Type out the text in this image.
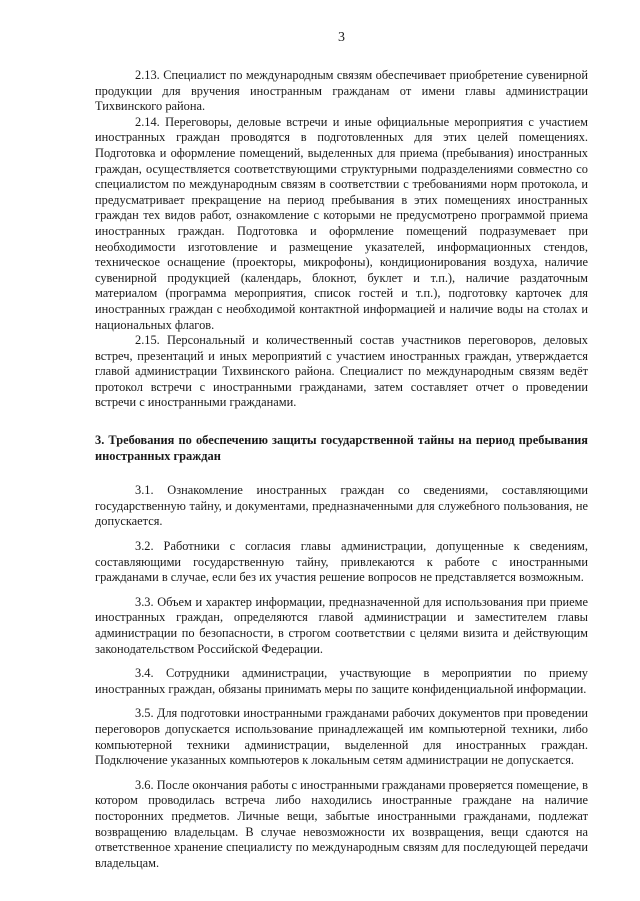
3

2.13. Специалист по международным связям обеспечивает приобретение сувенирной продукции для вручения иностранным гражданам от имени главы администрации Тихвинского района.

2.14. Переговоры, деловые встречи и иные официальные мероприятия с участием иностранных граждан проводятся в подготовленных для этих целей помещениях. Подготовка и оформление помещений, выделенных для приема (пребывания) иностранных граждан, осуществляется соответствующими структурными подразделениями совместно со специалистом по международным связям в соответствии с требованиями норм протокола, и предусматривает прекращение на период пребывания в этих помещениях иностранных граждан тех видов работ, ознакомление с которыми не предусмотрено программой приема иностранных граждан. Подготовка и оформление помещений подразумевает при необходимости изготовление и размещение указателей, информационных стендов, техническое оснащение (проекторы, микрофоны), кондиционирования воздуха, наличие сувенирной продукцией (календарь, блокнот, буклет и т.п.), наличие раздаточным материалом (программа мероприятия, список гостей и т.п.), подготовку карточек для иностранных граждан с необходимой контактной информацией и наличие воды на столах и национальных флагов.

2.15. Персональный и количественный состав участников переговоров, деловых встреч, презентаций и иных мероприятий с участием иностранных граждан, утверждается главой администрации Тихвинского района. Специалист по международным связям ведёт протокол встречи с иностранными гражданами, затем составляет отчет о проведении встречи с иностранными гражданами.

3. Требования по обеспечению защиты государственной тайны на период пребывания иностранных граждан

3.1. Ознакомление иностранных граждан со сведениями, составляющими государственную тайну, и документами, предназначенными для служебного пользования, не допускается.

3.2. Работники с согласия главы администрации, допущенные к сведениям, составляющими государственную тайну, привлекаются к работе с иностранными гражданами в случае, если без их участия решение вопросов не представляется возможным.

3.3. Объем и характер информации, предназначенной для использования при приеме иностранных граждан, определяются главой администрации и заместителем главы администрации по безопасности, в строгом соответствии с целями визита и действующим законодательством Российской Федерации.

3.4. Сотрудники администрации, участвующие в мероприятии по приему иностранных граждан, обязаны принимать меры по защите конфиденциальной информации.

3.5. Для подготовки иностранными гражданами рабочих документов при проведении переговоров допускается использование принадлежащей им компьютерной техники, либо компьютерной техники администрации, выделенной для иностранных граждан. Подключение указанных компьютеров к локальным сетям администрации не допускается.

3.6. После окончания работы с иностранными гражданами проверяется помещение, в котором проводилась встреча либо находились иностранные граждане на наличие посторонних предметов. Личные вещи, забытые иностранными гражданами, подлежат возвращению владельцам. В случае невозможности их возвращения, вещи сдаются на ответственное хранение специалисту по международным связям для последующей передачи владельцам.
